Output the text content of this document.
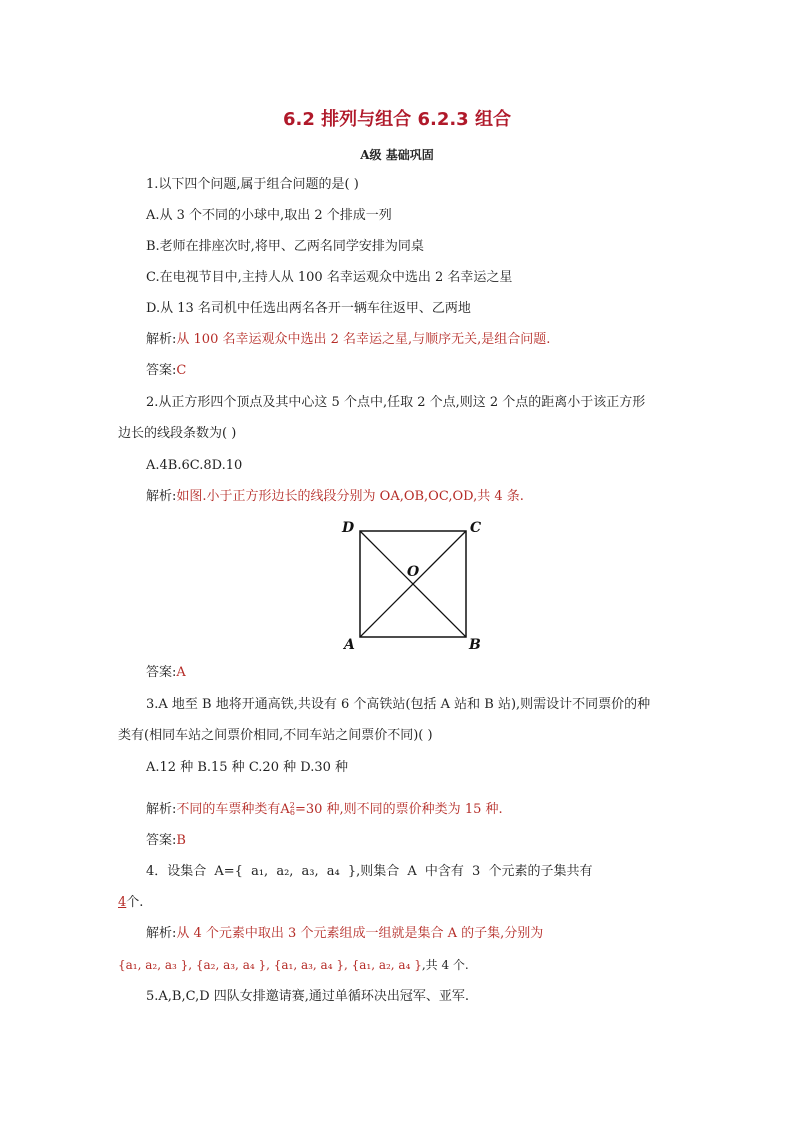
6.2 排列与组合 6.2.3 组合
A级 基础巩固
1.以下四个问题,属于组合问题的是( )
A.从 3 个不同的小球中,取出 2 个排成一列
B.老师在排座次时,将甲、乙两名同学安排为同桌
C.在电视节目中,主持人从 100 名幸运观众中选出 2 名幸运之星
D.从 13 名司机中任选出两名各开一辆车往返甲、乙两地
解析:从 100 名幸运观众中选出 2 名幸运之星,与顺序无关,是组合问题.
答案:C
2.从正方形四个顶点及其中心这 5 个点中,任取 2 个点,则这 2 个点的距离小于该正方形
边长的线段条数为( )
A.4B.6C.8D.10
解析:如图.小于正方形边长的线段分别为 OA,OB,OC,OD,共 4 条.
D	C
O
A	B
答案:A
3.A 地至 B 地将开通高铁,共设有 6 个高铁站(包括 A 站和 B 站),则需设计不同票价的种
类有(相同车站之间票价相同,不同车站之间票价不同)( )
A.12 种 B.15 种 C.20 种 D.30 种
解析:不同的车票种类有$A^2_6=30$ 种,则不同的票价种类为 15 种.
答案:B
4．设集合 A={ a₁, a₂, a₃, a₄ },则集合 A 中含有 3 个元素的子集共有
4个.
解析:从 4 个元素中取出 3 个元素组成一组就是集合 A 的子集,分别为
{a₁, a₂, a₃ }, {a₂, a₃, a₄ }, {a₁, a₃, a₄ }, {a₁, a₂, a₄ },共 4 个.
5.A,B,C,D 四队女排邀请赛,通过单循环决出冠军、亚军.
